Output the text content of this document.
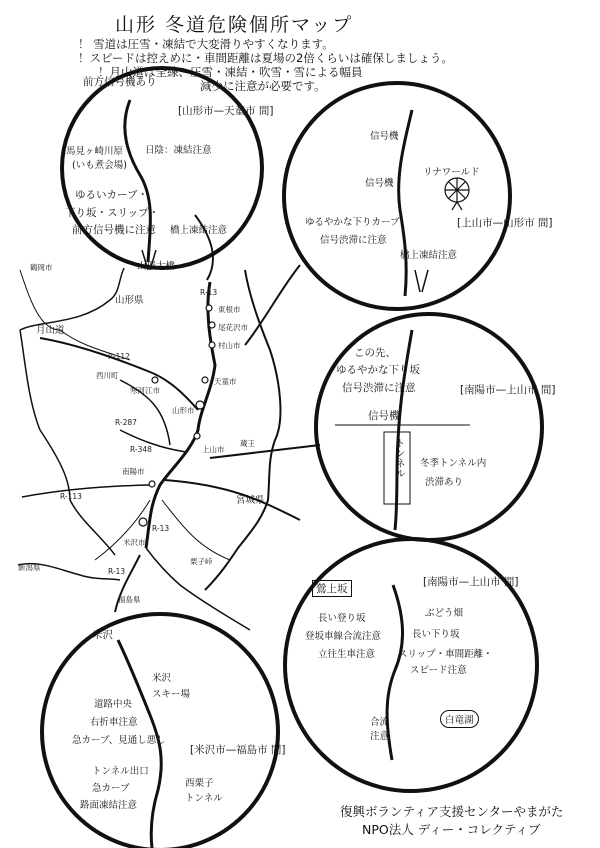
山形 冬道危険個所マップ
！ 雪道は圧雪・凍結で大変滑りやすくなります。
！スピードは控えめに・車間距離は夏場の2倍くらいは確保しましょう。
！月山道は全線、圧雪・凍結・吹雪・雪による幅員
減少に注意が必要です。
[山形市—天童市 間]
前方信号機あり
馬見ヶ崎川原
(いも煮会場)
日陰：凍結注意
ゆるいカーブ・
下り坂・スリップ・
前方信号機に注意 橋上凍結注意
山形大橋
[上山市—山形市 間]
信号機
信号機
リナワールド
ゆるやかな下りカーブ
信号渋滞に注意
橋上凍結注意
[南陽市—上山市 間]
この先、
ゆるやかな下り坂
信号渋滞に注意
信号機
トンネル 冬季トンネル内
渋滞あり
[南陽市—上山市 間]
鶯上坂
ぶどう畑
長い登り坂
登坂車線合流注意
立往生車注意
長い下り坂
スリップ・車間距離・
スピード注意
合流
注意
白竜湖
[米沢市—福島市 間]
米沢
米沢
スキー場
道路中央
右折車注意
急カーブ、見通し悪し
トンネル出口
急カーブ
路面凍結注意
西栗子
トンネル
鶴岡市
山形県
月山道
R-112
西川町
寒河江市
R-287
R-348
R-113
R-13
R-13
天童市
山形市
上山市
南陽市
米沢市
蔵王
宮城県
新潟県
福島県
栗子峠
R-13
東根市
村山市
尾花沢市
復興ボランティア支援センターやまがた
NPO法人 ディー・コレクティブ
